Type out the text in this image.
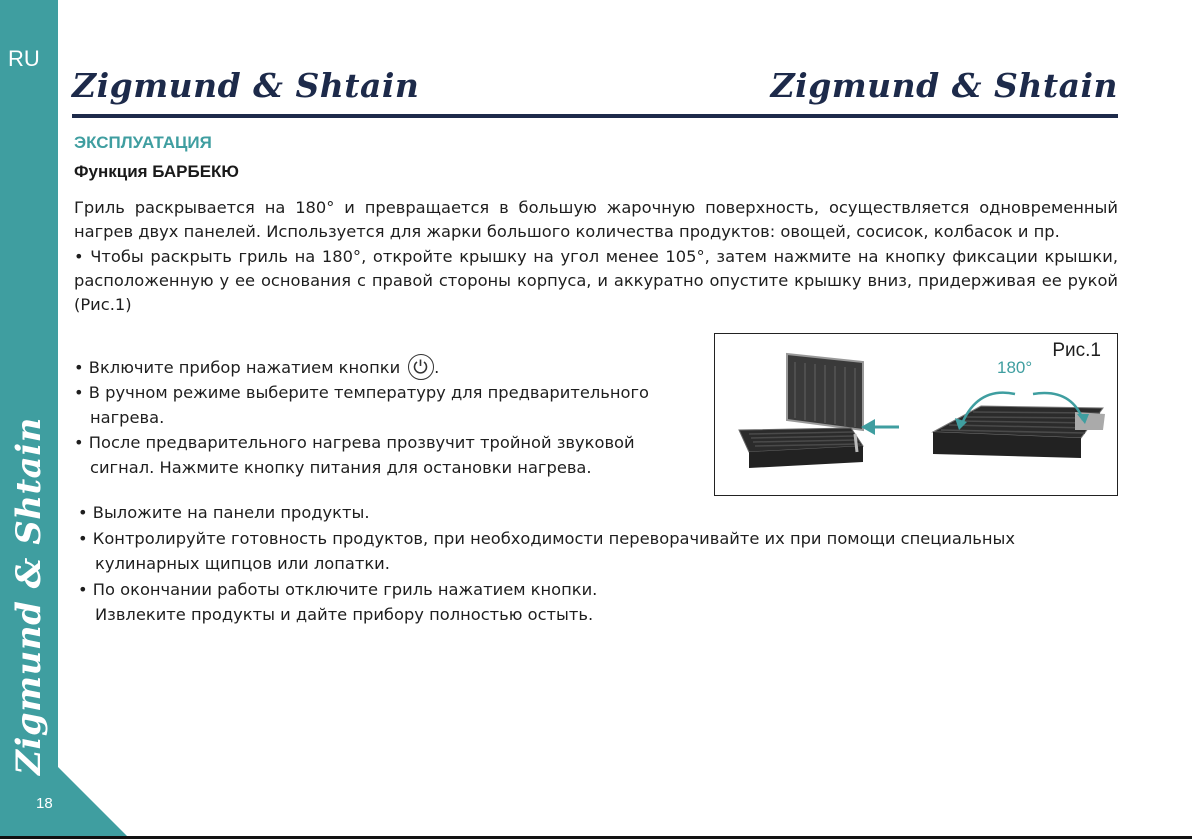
RU
Zigmund & Shtain
18
Zigmund & Shtain	Zigmund & Shtain
ЭКСПЛУАТАЦИЯ
Функция БАРБЕКЮ

Гриль раскрывается на 180° и превращается в большую жарочную поверхность, осуществляется одновременный нагрев двух панелей. Используется для жарки большого количества продуктов: овощей, сосисок, колбасок и пр.

• Чтобы раскрыть гриль на 180°, откройте крышку на угол менее 105°, затем нажмите на кнопку фиксации крышки, расположенную у ее основания с правой стороны корпуса, и аккуратно опустите крышку вниз, придерживая ее рукой (Рис.1)

• Включите прибор нажатием кнопки .
• В ручном режиме выберите температуру для предварительного
нагрева.
• После предварительного нагрева прозвучит тройной звуковой
сигнал. Нажмите кнопку питания для остановки нагрева.
Рис.1
180°
• Выложите на панели продукты.
• Контролируйте готовность продуктов, при необходимости переворачивайте их при помощи специальных
кулинарных щипцов или лопатки.
• По окончании работы отключите гриль нажатием кнопки.
Извлеките продукты и дайте прибору полностью остыть.
